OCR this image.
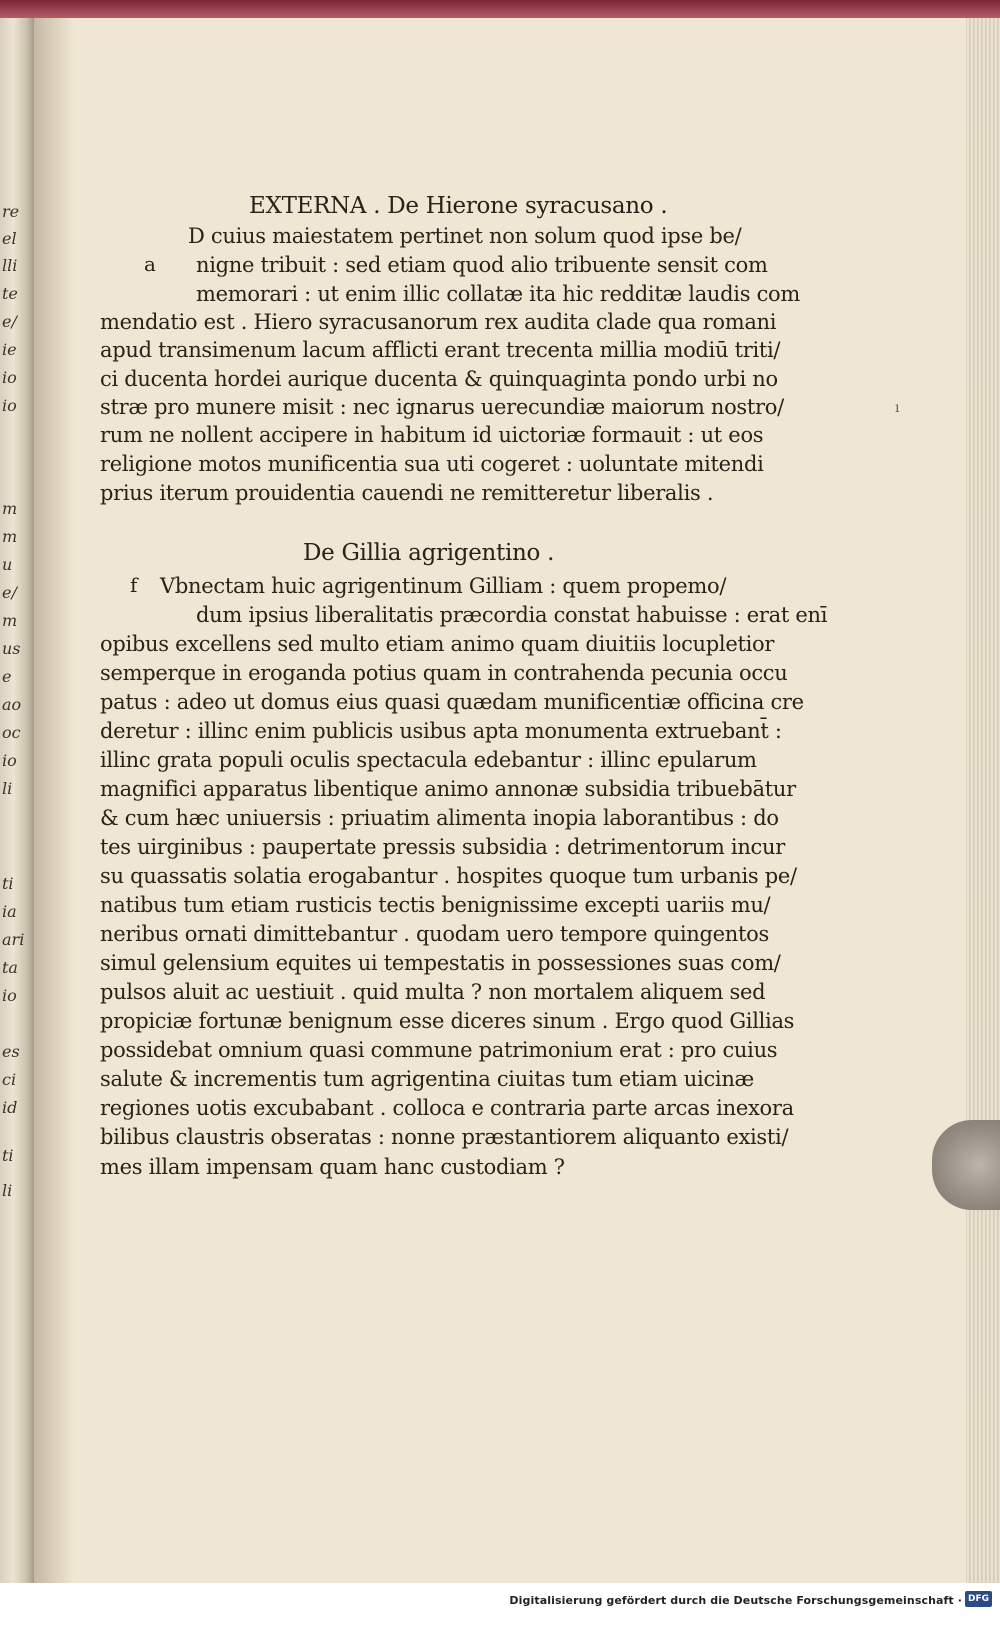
re
el
lli
te
e/
ie
io
io
m
m
u
e/
m
us
e
ao
oc
io
li
ti
ia
ari
ta
io
es
ci
id
ti
li
EXTERNA . De Hierone syracusano .
a
D cuius maiestatem pertinet non solum quod ipse be/
nigne tribuit : sed etiam quod alio tribuente sensit com
memorari : ut enim illic collatæ ita hic redditæ laudis com
mendatio est . Hiero syracusanorum rex audita clade qua romani
apud transimenum lacum afflicti erant trecenta millia modiū triti/
ci ducenta hordei aurique ducenta & quinquaginta pondo urbi no
stræ pro munere misit : nec ignarus uerecundiæ maiorum nostro/
rum ne nollent accipere in habitum id uictoriæ formauit : ut eos
religione motos munificentia sua uti cogeret : uoluntate mitendi
prius iterum prouidentia cauendi ne remitteretur liberalis .
De Gillia agrigentino .
f Vbnectam huic agrigentinum Gilliam : quem propemo/
dum ipsius liberalitatis præcordia constat habuisse : erat enī
opibus excellens sed multo etiam animo quam diuitiis locupletior
semperque in eroganda potius quam in contrahenda pecunia occu
patus : adeo ut domus eius quasi quædam munificentiæ officina cre
deretur : illinc enim publicis usibus apta monumenta extruebant̄ :
illinc grata populi oculis spectacula edebantur : illinc epularum
magnifici apparatus libentique animo annonæ subsidia tribuebātur
& cum hæc uniuersis : priuatim alimenta inopia laborantibus : do
tes uirginibus : paupertate pressis subsidia : detrimentorum incur
su quassatis solatia erogabantur . hospites quoque tum urbanis pe/
natibus tum etiam rusticis tectis benignissime excepti uariis mu/
neribus ornati dimittebantur . quodam uero tempore quingentos
simul gelensium equites ui tempestatis in possessiones suas com/
pulsos aluit ac uestiuit . quid multa ? non mortalem aliquem sed
propiciæ fortunæ benignum esse diceres sinum . Ergo quod Gillias
possidebat omnium quasi commune patrimonium erat : pro cuius
salute & incrementis tum agrigentina ciuitas tum etiam uicinæ
regiones uotis excubabant . colloca e contraria parte arcas inexora
bilibus claustris obseratas : nonne præstantiorem aliquanto existi/
mes illam impensam quam hanc custodiam ?
ı
Digitalisierung gefördert durch die Deutsche Forschungsgemeinschaft · DFG
